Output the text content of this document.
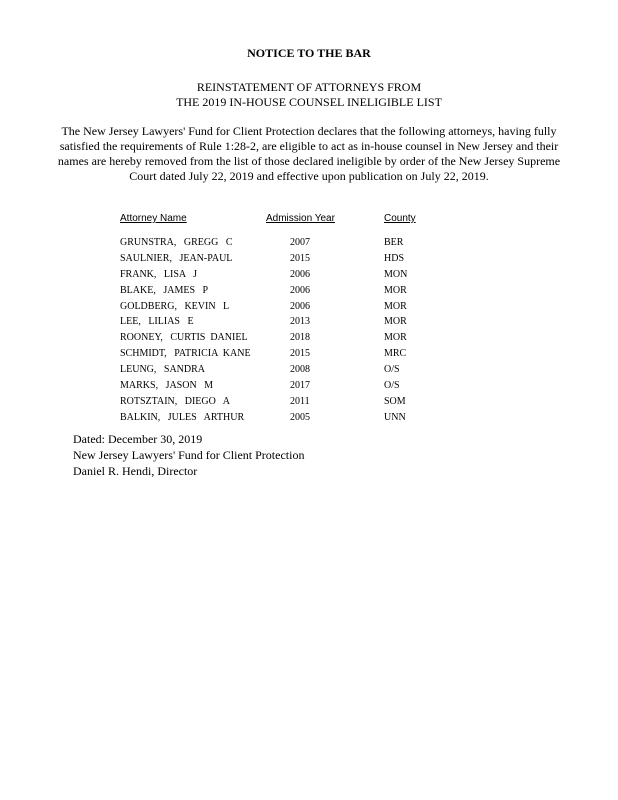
NOTICE TO THE BAR
REINSTATEMENT OF ATTORNEYS FROM
THE 2019 IN-HOUSE COUNSEL INELIGIBLE LIST
The New Jersey Lawyers' Fund for Client Protection declares that the following attorneys, having fully
satisfied the requirements of Rule 1:28-2, are eligible to act as in-house counsel in New Jersey and their
names are hereby removed from the list of those declared ineligible by order of the New Jersey Supreme
Court dated July 22, 2019 and effective upon publication on July 22, 2019.
Attorney Name	Admission Year	County
GRUNSTRA,   GREGG   C	2007	BER
SAULNIER,   JEAN-PAUL	2015	HDS
FRANK,   LISA   J	2006	MON
BLAKE,   JAMES   P	2006	MOR
GOLDBERG,   KEVIN   L	2006	MOR
LEE,   LILIAS   E	2013	MOR
ROONEY,   CURTIS  DANIEL	2018	MOR
SCHMIDT,   PATRICIA  KANE	2015	MRC
LEUNG,   SANDRA	2008	O/S
MARKS,   JASON   M	2017	O/S
ROTSZTAIN,   DIEGO   A	2011	SOM
BALKIN,   JULES   ARTHUR	2005	UNN
Dated: December 30, 2019
New Jersey Lawyers' Fund for Client Protection
Daniel R. Hendi, Director
